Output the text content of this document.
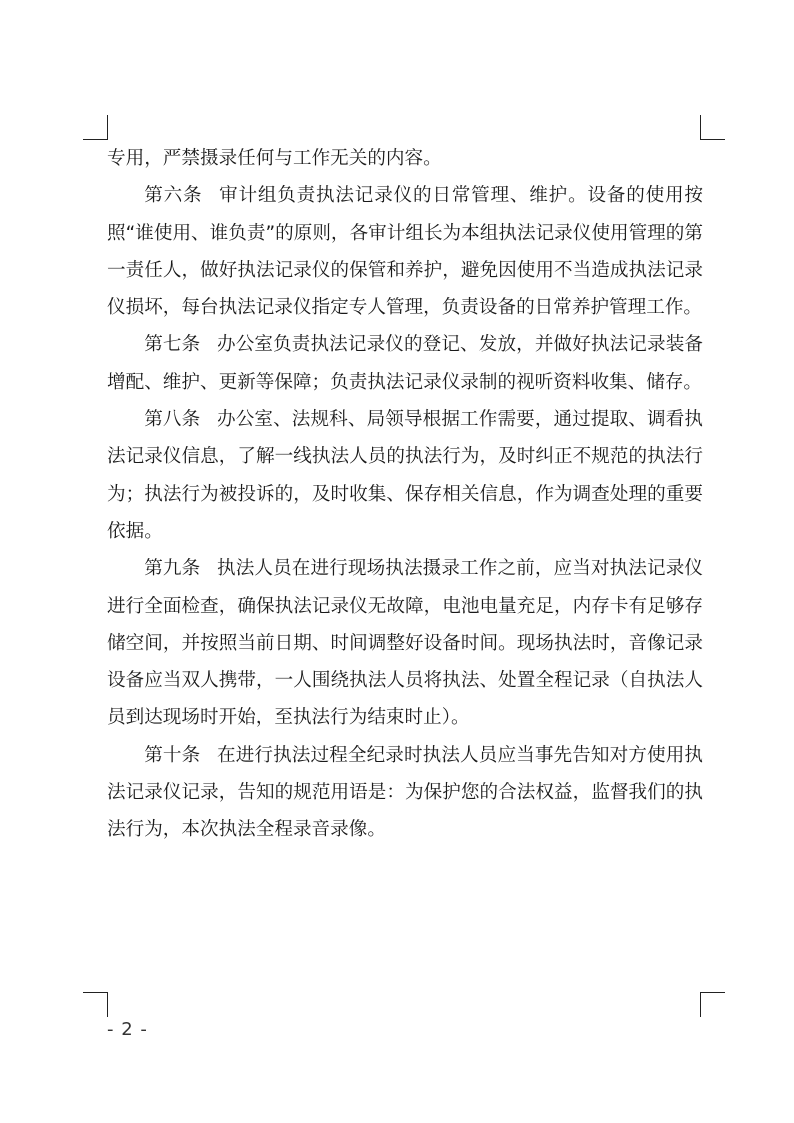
专用，严禁摄录任何与工作无关的内容。

第六条 审计组负责执法记录仪的日常管理、维护。设备的使用按照“谁使用、谁负责”的原则，各审计组长为本组执法记录仪使用管理的第一责任人，做好执法记录仪的保管和养护，避免因使用不当造成执法记录仪损坏，每台执法记录仪指定专人管理，负责设备的日常养护管理工作。

第七条 办公室负责执法记录仪的登记、发放，并做好执法记录装备增配、维护、更新等保障；负责执法记录仪录制的视听资料收集、储存。

第八条 办公室、法规科、局领导根据工作需要，通过提取、调看执法记录仪信息，了解一线执法人员的执法行为，及时纠正不规范的执法行为；执法行为被投诉的，及时收集、保存相关信息，作为调查处理的重要依据。

第九条 执法人员在进行现场执法摄录工作之前，应当对执法记录仪进行全面检查，确保执法记录仪无故障，电池电量充足，内存卡有足够存储空间，并按照当前日期、时间调整好设备时间。现场执法时，音像记录设备应当双人携带，一人围绕执法人员将执法、处置全程记录（自执法人员到达现场时开始，至执法行为结束时止）。

第十条 在进行执法过程全纪录时执法人员应当事先告知对方使用执法记录仪记录，告知的规范用语是：为保护您的合法权益，监督我们的执法行为，本次执法全程录音录像。

- 2 -
